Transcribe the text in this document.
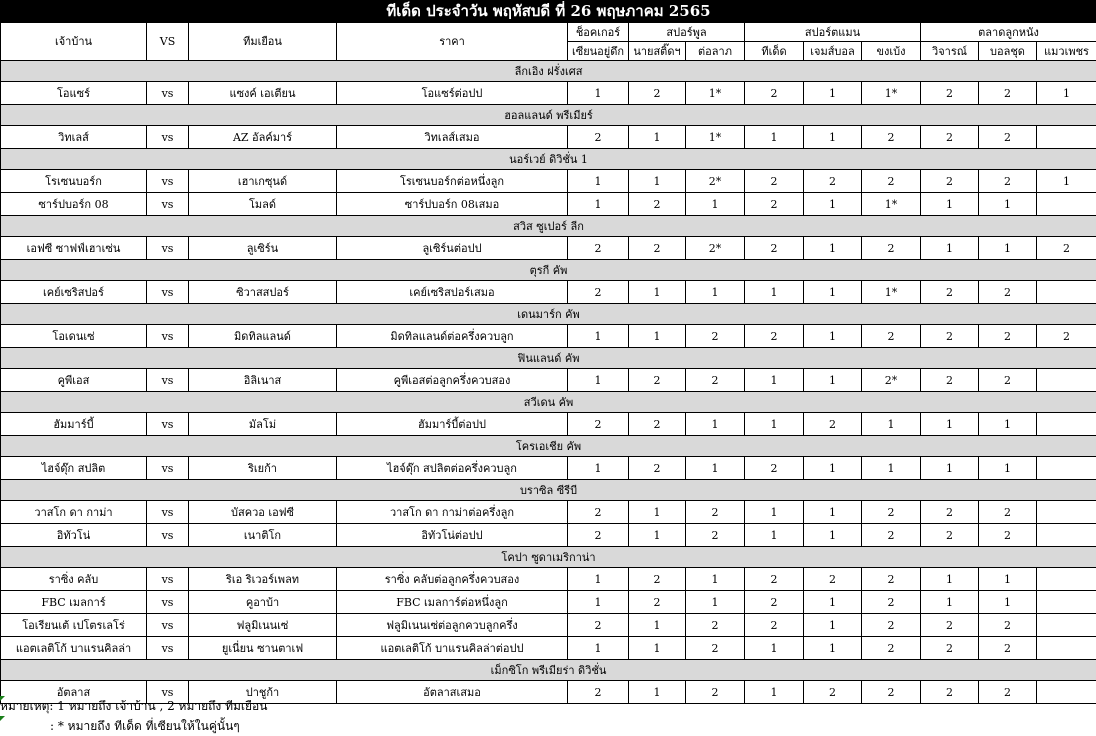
ทีเด็ด ประจำวัน พฤหัสบดี ที่ 26 พฤษภาคม 2565												
เจ้าบ้าน	VS	ทีมเยือน	ราคา	ช็อคเกอร์	สปอร์พูล		สปอร์ตแมน			ตลาดลูกหนัง		
				เซียนอยู่ดึก	นายสติ๊ดฯ	ต่อลาภ	ทีเด็ด	เจมส์บอล	ขงเบ้ง	วิจารณ์	บอลชุด	แมวเพชร
ลีกเอิง ฝรั่งเศส												
โอแซร์	vs	แซงค์ เอเตียน	โอแซร์ต่อปป	1	2	1*	2	1	1*	2	2	1
ฮอลแลนด์ พรีเมียร์												
วิทเลส์	vs	AZ อัลค์มาร์	วิทเลส์เสมอ	2	1	1*	1	1	2	2	2	
นอร์เวย์ ดิวิชั่น 1												
โรเซนบอร์ก	vs	เฮาเกซุนด์	โรเซนบอร์กต่อหนึ่งลูก	1	1	2*	2	2	2	2	2	1
ซาร์ปบอร์ก 08	vs	โมลด์	ซาร์ปบอร์ก 08เสมอ	1	2	1	2	1	1*	1	1	
สวิส ซูเปอร์ ลีก												
เอฟซี ซาฟฟ์เฮาเซ่น	vs	ลูเซิร์น	ลูเซิร์นต่อปป	2	2	2*	2	1	2	1	1	2
ตุรกี คัพ												
เคย์เซริสปอร์	vs	ซิวาสสปอร์	เคย์เซริสปอร์เสมอ	2	1	1	1	1	1*	2	2	
เดนมาร์ก คัพ												
โอเดนเซ่	vs	มิดทิลแลนด์	มิดทิลแลนด์ต่อครึ่งควบลูก	1	1	2	2	1	2	2	2	2
ฟินแลนด์ คัพ												
คูพีเอส	vs	อิลิเนาส	คูพีเอสต่อลูกครึ่งควบสอง	1	2	2	1	1	2*	2	2	
สวีเดน คัพ												
ฮัมมาร์บี้	vs	มัลโม่	ฮัมมาร์บี้ต่อปป	2	2	1	1	2	1	1	1	
โครเอเชีย คัพ												
ไฮจ์ดุ๊ก สปลิต	vs	ริเยก้า	ไฮจ์ดุ๊ก สปลิตต่อครึ่งควบลูก	1	2	1	2	1	1	1	1	
บราซิล ซีรีบี												
วาสโก ดา กาม่า	vs	บัสควอ เอฟซี	วาสโก ดา กาม่าต่อครึ่งลูก	2	1	2	1	1	2	2	2	
อิทัวโน่	vs	เนาติโก	อิทัวโน่ต่อปป	2	1	2	1	1	2	2	2	
โคปา ซูดาเมริกาน่า												
ราซิ่ง คลับ	vs	ริเอ ริเวอร์เพลท	ราซิ่ง คลับต่อลูกครึ่งควบสอง	1	2	1	2	2	2	1	1	
FBC เมลการ์	vs	คูอาบ้า	FBC เมลการ์ต่อหนึ่งลูก	1	2	1	2	1	2	1	1	
โอเรียนเต้ เปโตรเลโร่	vs	ฟลูมิเนนเซ่	ฟลูมิเนนเซ่ต่อลูกควบลูกครึ่ง	2	1	2	2	1	2	2	2	
แอตเลติโก้ บาแรนคิลล่า	vs	ยูเนี่ยน ซานตาเฟ	แอตเลติโก้ บาแรนคิลล่าต่อปป	1	1	2	1	1	2	2	2	
เม็กซิโก พรีเมียร่า ดิวิชั่น												
อัตลาส	vs	ปาชูก้า	อัตลาสเสมอ	2	1	2	1	2	2	2	2	
หมายเหตุ: 1 หมายถึง เจ้าบ้าน , 2 หมายถึง ทีมเยือน
: * หมายถึง ทีเด็ด ที่เซียนให้ในคู่นั้นๆ
